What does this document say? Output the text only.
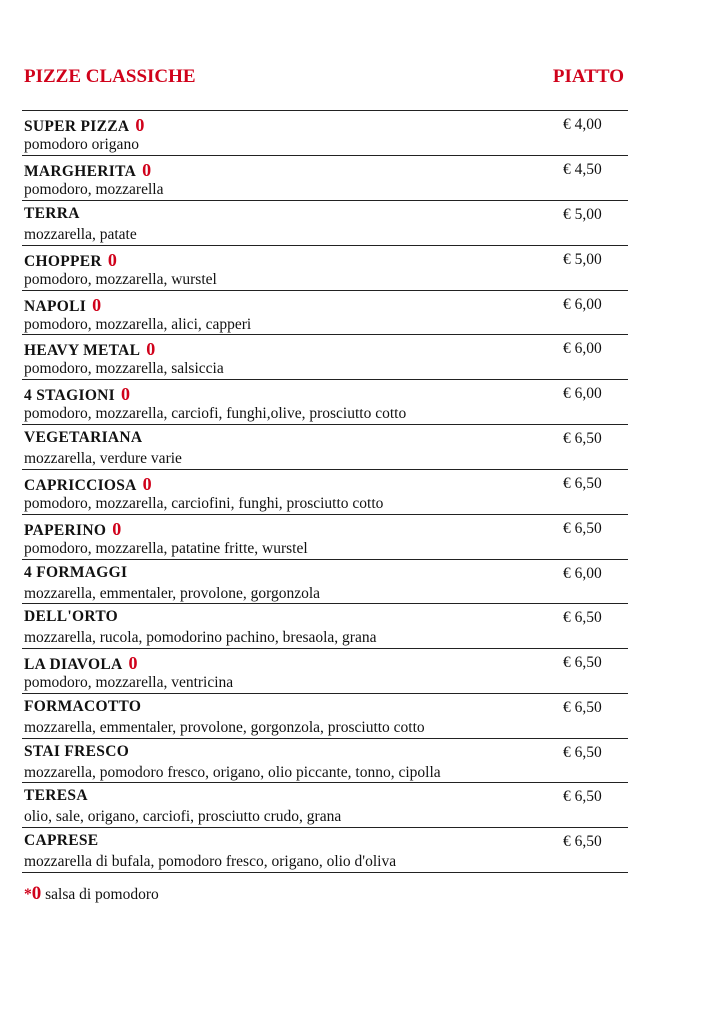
PIZZE CLASSICHE	PIATTO
SUPER PIZZA 0	€ 4,00
pomodoro origano
MARGHERITA 0	€ 4,50
pomodoro, mozzarella
TERRA	€ 5,00
mozzarella, patate
CHOPPER 0	€ 5,00
pomodoro, mozzarella, wurstel
NAPOLI 0	€ 6,00
pomodoro, mozzarella, alici, capperi
HEAVY METAL 0	€ 6,00
pomodoro, mozzarella, salsiccia
4 STAGIONI 0	€ 6,00
pomodoro, mozzarella, carciofi, funghi,olive, prosciutto cotto
VEGETARIANA	€ 6,50
mozzarella, verdure varie
CAPRICCIOSA 0	€ 6,50
pomodoro, mozzarella, carciofini, funghi, prosciutto cotto
PAPERINO 0	€ 6,50
pomodoro, mozzarella, patatine fritte, wurstel
4 FORMAGGI	€ 6,00
mozzarella, emmentaler, provolone, gorgonzola
DELL'ORTO	€ 6,50
mozzarella, rucola, pomodorino pachino, bresaola, grana
LA DIAVOLA 0	€ 6,50
pomodoro, mozzarella, ventricina
FORMACOTTO	€ 6,50
mozzarella, emmentaler, provolone, gorgonzola, prosciutto cotto
STAI FRESCO	€ 6,50
mozzarella, pomodoro fresco, origano, olio piccante, tonno, cipolla
TERESA	€ 6,50
olio, sale, origano, carciofi, prosciutto crudo, grana
CAPRESE	€ 6,50
mozzarella di bufala, pomodoro fresco, origano, olio d'oliva
*0 salsa di pomodoro
